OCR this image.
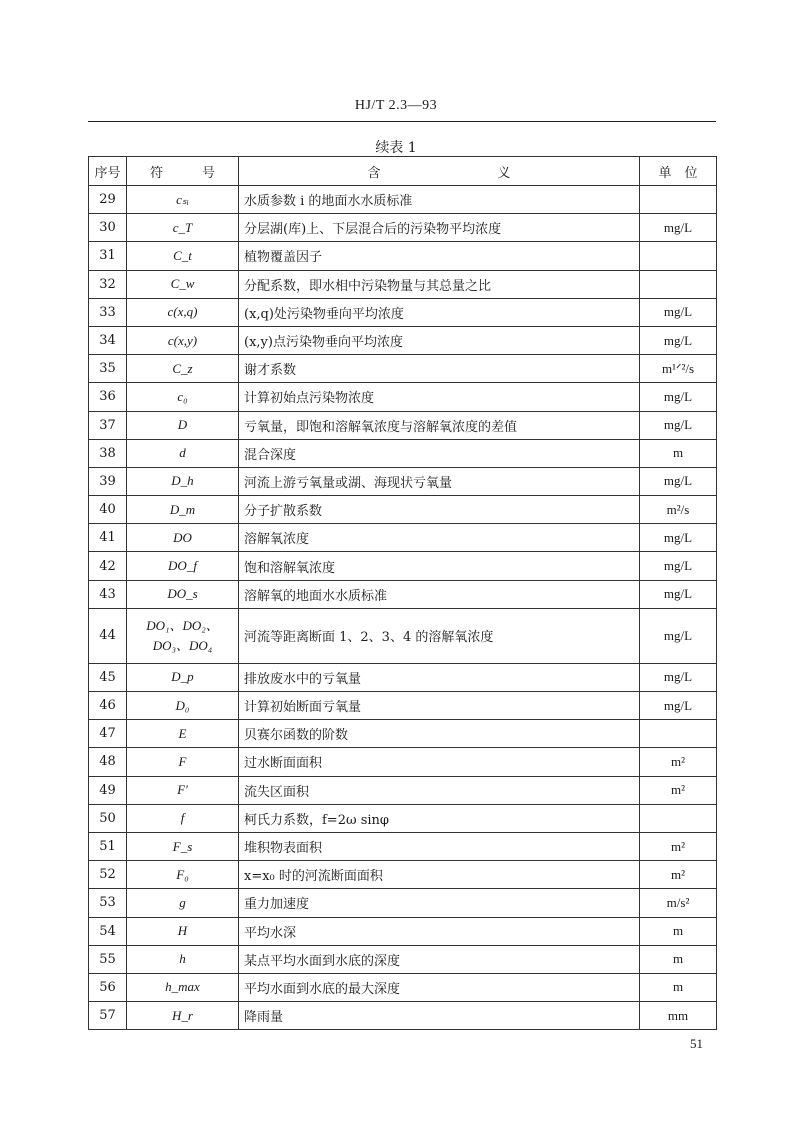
HJ/T 2.3—93
续表 1
序号	符　　　号	含　　　　　　　　　义	单　位
29	cₛᵢ	水质参数 i 的地面水水质标准	
30	c_T	分层湖(库)上、下层混合后的污染物平均浓度	mg/L
31	C_t	植物覆盖因子	
32	C_w	分配系数，即水相中污染物量与其总量之比	
33	c(x,q)	(x,q)处污染物垂向平均浓度	mg/L
34	c(x,y)	(x,y)点污染物垂向平均浓度	mg/L
35	C_z	谢才系数	m¹ᐟ²/s
36	c₀	计算初始点污染物浓度	mg/L
37	D	亏氧量，即饱和溶解氧浓度与溶解氧浓度的差值	mg/L
38	d	混合深度	m
39	D_h	河流上游亏氧量或湖、海现状亏氧量	mg/L
40	D_m	分子扩散系数	m²/s
41	DO	溶解氧浓度	mg/L
42	DO_f	饱和溶解氧浓度	mg/L
43	DO_s	溶解氧的地面水水质标准	mg/L
44	DO₁、DO₂、DO₃、DO₄	河流等距离断面 1、2、3、4 的溶解氧浓度	mg/L
45	D_p	排放废水中的亏氧量	mg/L
46	D₀	计算初始断面亏氧量	mg/L
47	E	贝赛尔函数的阶数	
48	F	过水断面面积	m²
49	F′	流失区面积	m²
50	f	柯氏力系数，f=2ω sinφ	
51	F_s	堆积物表面积	m²
52	F₀	x=x₀ 时的河流断面面积	m²
53	g	重力加速度	m/s²
54	H	平均水深	m
55	h	某点平均水面到水底的深度	m
56	h_max	平均水面到水底的最大深度	m
57	H_r	降雨量	mm
51
